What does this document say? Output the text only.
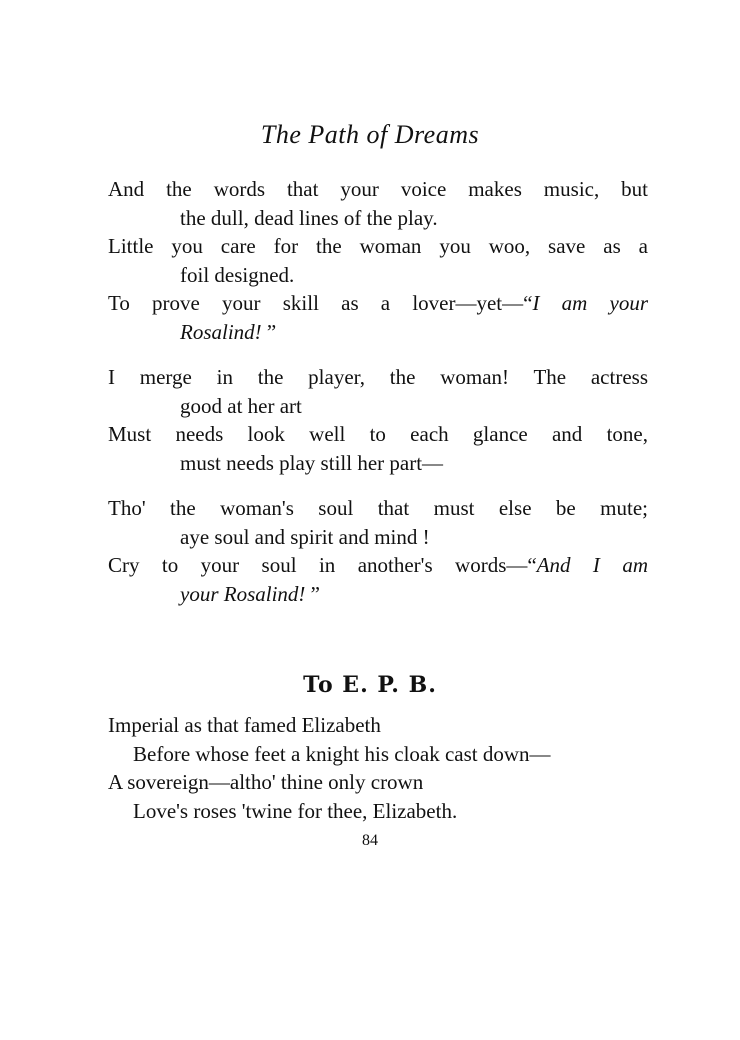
The Path of Dreams
And the words that your voice makes music, but
the dull, dead lines of the play.
Little you care for the woman you woo, save as a
foil designed.
To prove your skill as a lover—yet—“I am your
Rosalind! ”
I merge in the player, the woman! The actress
good at her art
Must needs look well to each glance and tone,
must needs play still her part—
Tho' the woman's soul that must else be mute;
aye soul and spirit and mind !
Cry to your soul in another's words—“And I am
your Rosalind! ”
To E. P. B.
Imperial as that famed Elizabeth
Before whose feet a knight his cloak cast down—
A sovereign—altho' thine only crown
Love's roses 'twine for thee, Elizabeth.
84
